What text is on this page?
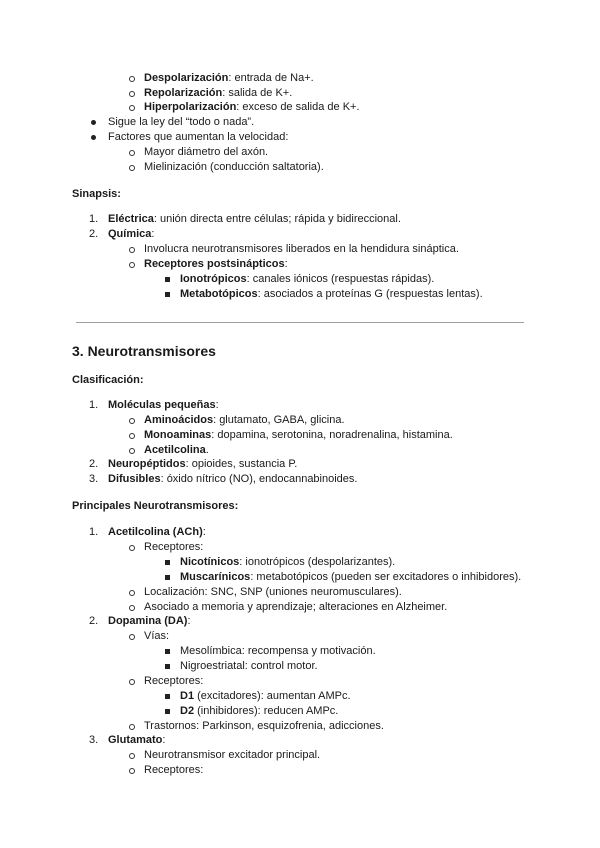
Despolarización: entrada de Na+.
Repolarización: salida de K+.
Hiperpolarización: exceso de salida de K+.
Sigue la ley del “todo o nada”.
Factores que aumentan la velocidad:
Mayor diámetro del axón.
Mielinización (conducción saltatoria).
Sinapsis:
1. Eléctrica: unión directa entre células; rápida y bidireccional.
2. Química:
Involucra neurotransmisores liberados en la hendidura sináptica.
Receptores postsinápticos:
Ionotrópicos: canales iónicos (respuestas rápidas).
Metabotópicos: asociados a proteínas G (respuestas lentas).
3. Neurotransmisores
Clasificación:
1. Moléculas pequeñas:
Aminoácidos: glutamato, GABA, glicina.
Monoaminas: dopamina, serotonina, noradrenalina, histamina.
Acetilcolina.
2. Neuropéptidos: opioides, sustancia P.
3. Difusibles: óxido nítrico (NO), endocannabinoides.
Principales Neurotransmisores:
1. Acetilcolina (ACh):
Receptores:
Nicotínicos: ionotrópicos (despolarizantes).
Muscarínicos: metabotópicos (pueden ser excitadores o inhibidores).
Localización: SNC, SNP (uniones neuromusculares).
Asociado a memoria y aprendizaje; alteraciones en Alzheimer.
2. Dopamina (DA):
Vías:
Mesolímbica: recompensa y motivación.
Nigroestriatal: control motor.
Receptores:
D1 (excitadores): aumentan AMPc.
D2 (inhibidores): reducen AMPc.
Trastornos: Parkinson, esquizofrenia, adicciones.
3. Glutamato:
Neurotransmisor excitador principal.
Receptores:
